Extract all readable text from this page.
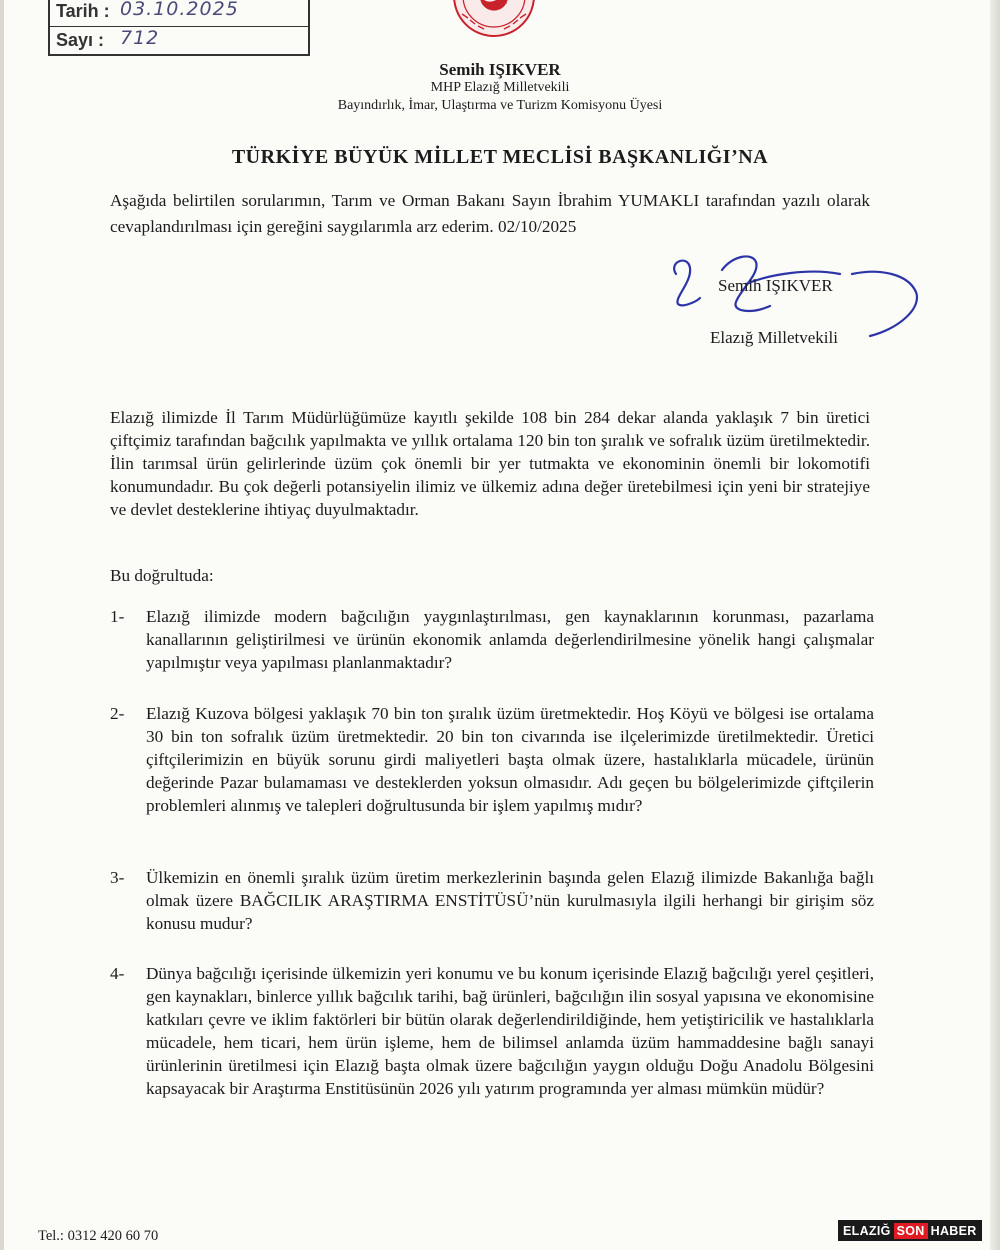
Tarih : 03.10.2025
Sayı : 712
Semih IŞIKVER
MHP Elazığ Milletvekili
Bayındırlık, İmar, Ulaştırma ve Turizm Komisyonu Üyesi
TÜRKİYE BÜYÜK MİLLET MECLİSİ BAŞKANLIĞI’NA
Aşağıda belirtilen sorularımın, Tarım ve Orman Bakanı Sayın İbrahim YUMAKLI tarafından yazılı olarak cevaplandırılması için gereğini saygılarımla arz ederim. 02/10/2025
Semih IŞIKVER
Elazığ Milletvekili
Elazığ ilimizde İl Tarım Müdürlüğümüze kayıtlı şekilde 108 bin 284 dekar alanda yaklaşık 7 bin üretici çiftçimiz tarafından bağcılık yapılmakta ve yıllık ortalama 120 bin ton şıralık ve sofralık üzüm üretilmektedir. İlin tarımsal ürün gelirlerinde üzüm çok önemli bir yer tutmakta ve ekonominin önemli bir lokomotifi konumundadır. Bu çok değerli potansiyelin ilimiz ve ülkemiz adına değer üretebilmesi için yeni bir stratejiye ve devlet desteklerine ihtiyaç duyulmaktadır.
Bu doğrultuda:
1-	Elazığ ilimizde modern bağcılığın yaygınlaştırılması, gen kaynaklarının korunması, pazarlama kanallarının geliştirilmesi ve ürünün ekonomik anlamda değerlendirilmesine yönelik hangi çalışmalar yapılmıştır veya yapılması planlanmaktadır?
2-	Elazığ Kuzova bölgesi yaklaşık 70 bin ton şıralık üzüm üretmektedir. Hoş Köyü ve bölgesi ise ortalama 30 bin ton sofralık üzüm üretmektedir. 20 bin ton civarında ise ilçelerimizde üretilmektedir. Üretici çiftçilerimizin en büyük sorunu girdi maliyetleri başta olmak üzere, hastalıklarla mücadele, ürünün değerinde Pazar bulamaması ve desteklerden yoksun olmasıdır. Adı geçen bu bölgelerimizde çiftçilerin problemleri alınmış ve talepleri doğrultusunda bir işlem yapılmış mıdır?
3-	Ülkemizin en önemli şıralık üzüm üretim merkezlerinin başında gelen Elazığ ilimizde Bakanlığa bağlı olmak üzere BAĞCILIK ARAŞTIRMA ENSTİTÜSÜ’nün kurulmasıyla ilgili herhangi bir girişim söz konusu mudur?
4-	Dünya bağcılığı içerisinde ülkemizin yeri konumu ve bu konum içerisinde Elazığ bağcılığı yerel çeşitleri, gen kaynakları, binlerce yıllık bağcılık tarihi, bağ ürünleri, bağcılığın ilin sosyal yapısına ve ekonomisine katkıları çevre ve iklim faktörleri bir bütün olarak değerlendirildiğinde, hem yetiştiricilik ve hastalıklarla mücadele, hem ticari, hem ürün işleme, hem de bilimsel anlamda üzüm hammaddesine bağlı sanayi ürünlerinin üretilmesi için Elazığ başta olmak üzere bağcılığın yaygın olduğu Doğu Anadolu Bölgesini kapsayacak bir Araştırma Enstitüsünün 2026 yılı yatırım programında yer alması mümkün müdür?
Tel.: 0312 420 60 70	ELAZIĞ SON HABER
